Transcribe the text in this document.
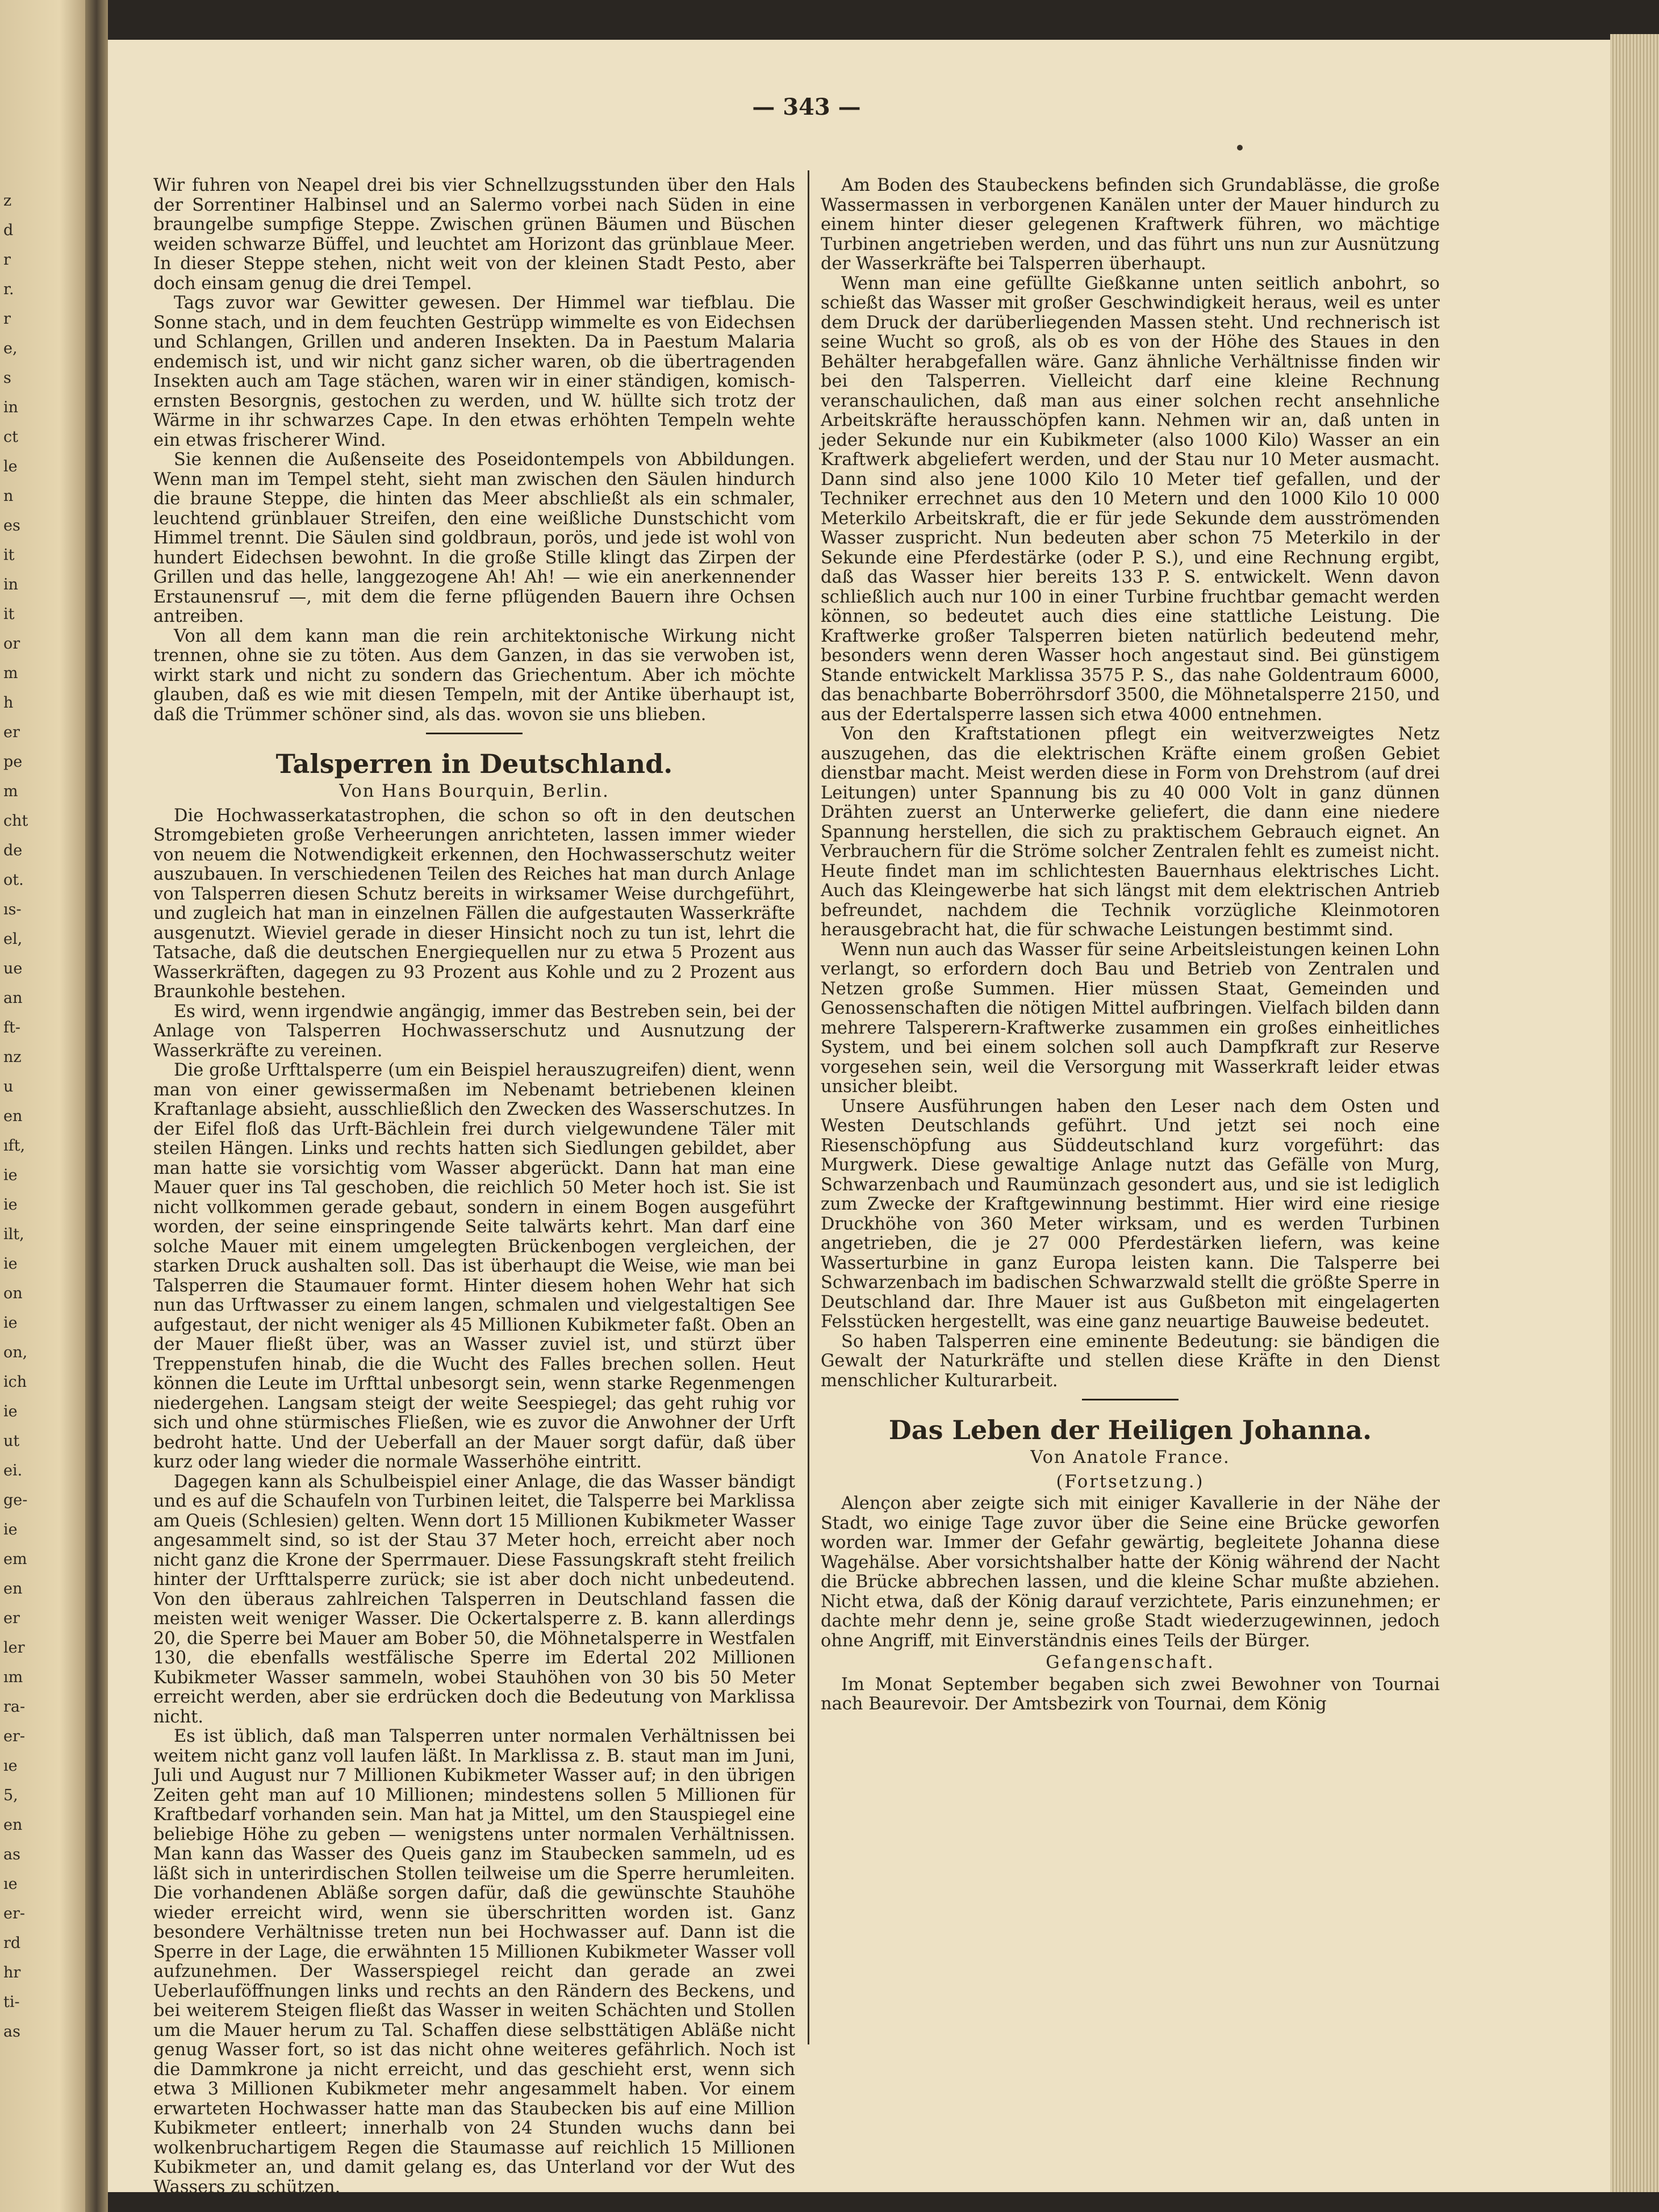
z
d
r
r.
r
e,
s
in
ct
le
n
es
it
in
it
or
m
h
er
pe
m
cht
de
ot.
ıs-
el,
ue
an
ft-
nz
u
en
ıft,
ie
ie
ilt,
ie
on
ie
on,
ich
ie
ut
ei.
ge-
ie
em
en
er
ler
ım
ra-
er-
ıe
5,
en
as
ıe
er-
rd
hr
ti-
as
— 343 —

Wir fuhren von Neapel drei bis vier Schnellzugsstunden über den Hals der Sorrentiner Halbinsel und an Salermo vorbei nach Süden in eine braungelbe sumpfige Steppe. Zwischen grünen Bäumen und Büschen weiden schwarze Büffel, und leuchtet am Horizont das grünblaue Meer. In dieser Steppe stehen, nicht weit von der kleinen Stadt Pesto, aber doch einsam genug die drei Tempel.

Tags zuvor war Gewitter gewesen. Der Himmel war tiefblau. Die Sonne stach, und in dem feuchten Gestrüpp wimmelte es von Eidechsen und Schlangen, Grillen und anderen Insekten. Da in Paestum Malaria endemisch ist, und wir nicht ganz sicher waren, ob die übertragenden Insekten auch am Tage stächen, waren wir in einer ständigen, komisch-ernsten Besorgnis, gestochen zu werden, und W. hüllte sich trotz der Wärme in ihr schwarzes Cape. In den etwas erhöhten Tempeln wehte ein etwas frischerer Wind.

Sie kennen die Außenseite des Poseidontempels von Abbildungen. Wenn man im Tempel steht, sieht man zwischen den Säulen hindurch die braune Steppe, die hinten das Meer abschließt als ein schmaler, leuchtend grünblauer Streifen, den eine weißliche Dunstschicht vom Himmel trennt. Die Säulen sind goldbraun, porös, und jede ist wohl von hundert Eidechsen bewohnt. In die große Stille klingt das Zirpen der Grillen und das helle, langgezogene Ah! Ah! — wie ein anerkennender Erstaunensruf —, mit dem die ferne pflügenden Bauern ihre Ochsen antreiben.

Von all dem kann man die rein architektonische Wirkung nicht trennen, ohne sie zu töten. Aus dem Ganzen, in das sie verwoben ist, wirkt stark und nicht zu sondern das Griechentum. Aber ich möchte glauben, daß es wie mit diesen Tempeln, mit der Antike überhaupt ist, daß die Trümmer schöner sind, als das. wovon sie uns blieben.

Talsperren in Deutschland.
Von Hans Bourquin, Berlin.

Die Hochwasserkatastrophen, die schon so oft in den deutschen Stromgebieten große Verheerungen anrichteten, lassen immer wieder von neuem die Notwendigkeit erkennen, den Hochwasserschutz weiter auszubauen. In verschiedenen Teilen des Reiches hat man durch Anlage von Talsperren diesen Schutz bereits in wirksamer Weise durchgeführt, und zugleich hat man in einzelnen Fällen die aufgestauten Wasserkräfte ausgenutzt. Wieviel gerade in dieser Hinsicht noch zu tun ist, lehrt die Tatsache, daß die deutschen Energiequellen nur zu etwa 5 Prozent aus Wasserkräften, dagegen zu 93 Prozent aus Kohle und zu 2 Prozent aus Braunkohle bestehen.

Es wird, wenn irgendwie angängig, immer das Bestreben sein, bei der Anlage von Talsperren Hochwasserschutz und Ausnutzung der Wasserkräfte zu vereinen.

Die große Urfttalsperre (um ein Beispiel herauszugreifen) dient, wenn man von einer gewissermaßen im Nebenamt betriebenen kleinen Kraftanlage absieht, ausschließlich den Zwecken des Wasserschutzes. In der Eifel floß das Urft-Bächlein frei durch vielgewundene Täler mit steilen Hängen. Links und rechts hatten sich Siedlungen gebildet, aber man hatte sie vorsichtig vom Wasser abgerückt. Dann hat man eine Mauer quer ins Tal geschoben, die reichlich 50 Meter hoch ist. Sie ist nicht vollkommen gerade gebaut, sondern in einem Bogen ausgeführt worden, der seine einspringende Seite talwärts kehrt. Man darf eine solche Mauer mit einem umgelegten Brückenbogen vergleichen, der starken Druck aushalten soll. Das ist überhaupt die Weise, wie man bei Talsperren die Staumauer formt. Hinter diesem hohen Wehr hat sich nun das Urftwasser zu einem langen, schmalen und vielgestaltigen See aufgestaut, der nicht weniger als 45 Millionen Kubikmeter faßt. Oben an der Mauer fließt über, was an Wasser zuviel ist, und stürzt über Treppenstufen hinab, die die Wucht des Falles brechen sollen. Heut können die Leute im Urfttal unbesorgt sein, wenn starke Regenmengen niedergehen. Langsam steigt der weite Seespiegel; das geht ruhig vor sich und ohne stürmisches Fließen, wie es zuvor die Anwohner der Urft bedroht hatte. Und der Ueberfall an der Mauer sorgt dafür, daß über kurz oder lang wieder die normale Wasserhöhe eintritt.

Dagegen kann als Schulbeispiel einer Anlage, die das Wasser bändigt und es auf die Schaufeln von Turbinen leitet, die Talsperre bei Marklissa am Queis (Schlesien) gelten. Wenn dort 15 Millionen Kubikmeter Wasser angesammelt sind, so ist der Stau 37 Meter hoch, erreicht aber noch nicht ganz die Krone der Sperrmauer. Diese Fassungskraft steht freilich hinter der Urfttalsperre zurück; sie ist aber doch nicht unbedeutend. Von den überaus zahlreichen Talsperren in Deutschland fassen die meisten weit weniger Wasser. Die Ockertalsperre z. B. kann allerdings 20, die Sperre bei Mauer am Bober 50, die Möhnetalsperre in Westfalen 130, die ebenfalls westfälische Sperre im Edertal 202 Millionen Kubikmeter Wasser sammeln, wobei Stauhöhen von 30 bis 50 Meter erreicht werden, aber sie erdrücken doch die Bedeutung von Marklissa nicht.

Es ist üblich, daß man Talsperren unter normalen Verhältnissen bei weitem nicht ganz voll laufen läßt. In Marklissa z. B. staut man im Juni, Juli und August nur 7 Millionen Kubikmeter Wasser auf; in den übrigen Zeiten geht man auf 10 Millionen; mindestens sollen 5 Millionen für Kraftbedarf vorhanden sein. Man hat ja Mittel, um den Stauspiegel eine beliebige Höhe zu geben — wenigstens unter normalen Verhältnissen. Man kann das Wasser des Queis ganz im Staubecken sammeln, ud es läßt sich in unterirdischen Stollen teilweise um die Sperre herumleiten. Die vorhandenen Abläße sorgen dafür, daß die gewünschte Stauhöhe wieder erreicht wird, wenn sie überschritten worden ist. Ganz besondere Verhältnisse treten nun bei Hochwasser auf. Dann ist die Sperre in der Lage, die erwähnten 15 Millionen Kubikmeter Wasser voll aufzunehmen. Der Wasserspiegel reicht dan gerade an zwei Ueberlauföffnungen links und rechts an den Rändern des Beckens, und bei weiterem Steigen fließt das Wasser in weiten Schächten und Stollen um die Mauer herum zu Tal. Schaffen diese selbsttätigen Abläße nicht genug Wasser fort, so ist das nicht ohne weiteres gefährlich. Noch ist die Dammkrone ja nicht erreicht, und das geschieht erst, wenn sich etwa 3 Millionen Kubikmeter mehr angesammelt haben. Vor einem erwarteten Hochwasser hatte man das Staubecken bis auf eine Million Kubikmeter entleert; innerhalb von 24 Stunden wuchs dann bei wolkenbruchartigem Regen die Staumasse auf reichlich 15 Millionen Kubikmeter an, und damit gelang es, das Unterland vor der Wut des Wassers zu schützen.

Am Boden des Staubeckens befinden sich Grundablässe, die große Wassermassen in verborgenen Kanälen unter der Mauer hindurch zu einem hinter dieser gelegenen Kraftwerk führen, wo mächtige Turbinen angetrieben werden, und das führt uns nun zur Ausnützung der Wasserkräfte bei Talsperren überhaupt.

Wenn man eine gefüllte Gießkanne unten seitlich anbohrt, so schießt das Wasser mit großer Geschwindigkeit heraus, weil es unter dem Druck der darüberliegenden Massen steht. Und rechnerisch ist seine Wucht so groß, als ob es von der Höhe des Staues in den Behälter herabgefallen wäre. Ganz ähnliche Verhältnisse finden wir bei den Talsperren. Vielleicht darf eine kleine Rechnung veranschaulichen, daß man aus einer solchen recht ansehnliche Arbeitskräfte herausschöpfen kann. Nehmen wir an, daß unten in jeder Sekunde nur ein Kubikmeter (also 1000 Kilo) Wasser an ein Kraftwerk abgeliefert werden, und der Stau nur 10 Meter ausmacht. Dann sind also jene 1000 Kilo 10 Meter tief gefallen, und der Techniker errechnet aus den 10 Metern und den 1000 Kilo 10 000 Meterkilo Arbeitskraft, die er für jede Sekunde dem ausströmenden Wasser zuspricht. Nun bedeuten aber schon 75 Meterkilo in der Sekunde eine Pferdestärke (oder P. S.), und eine Rechnung ergibt, daß das Wasser hier bereits 133 P. S. entwickelt. Wenn davon schließlich auch nur 100 in einer Turbine fruchtbar gemacht werden können, so bedeutet auch dies eine stattliche Leistung. Die Kraftwerke großer Talsperren bieten natürlich bedeutend mehr, besonders wenn deren Wasser hoch angestaut sind. Bei günstigem Stande entwickelt Marklissa 3575 P. S., das nahe Goldentraum 6000, das benachbarte Boberröhrsdorf 3500, die Möhnetalsperre 2150, und aus der Edertalsperre lassen sich etwa 4000 entnehmen.

Von den Kraftstationen pflegt ein weitverzweigtes Netz auszugehen, das die elektrischen Kräfte einem großen Gebiet dienstbar macht. Meist werden diese in Form von Drehstrom (auf drei Leitungen) unter Spannung bis zu 40 000 Volt in ganz dünnen Drähten zuerst an Unterwerke geliefert, die dann eine niedere Spannung herstellen, die sich zu praktischem Gebrauch eignet. An Verbrauchern für die Ströme solcher Zentralen fehlt es zumeist nicht. Heute findet man im schlichtesten Bauernhaus elektrisches Licht. Auch das Kleingewerbe hat sich längst mit dem elektrischen Antrieb befreundet, nachdem die Technik vorzügliche Kleinmotoren herausgebracht hat, die für schwache Leistungen bestimmt sind.

Wenn nun auch das Wasser für seine Arbeitsleistungen keinen Lohn verlangt, so erfordern doch Bau und Betrieb von Zentralen und Netzen große Summen. Hier müssen Staat, Gemeinden und Genossenschaften die nötigen Mittel aufbringen. Vielfach bilden dann mehrere Talsperern-Kraftwerke zusammen ein großes einheitliches System, und bei einem solchen soll auch Dampfkraft zur Reserve vorgesehen sein, weil die Versorgung mit Wasserkraft leider etwas unsicher bleibt.

Unsere Ausführungen haben den Leser nach dem Osten und Westen Deutschlands geführt. Und jetzt sei noch eine Riesenschöpfung aus Süddeutschland kurz vorgeführt: das Murgwerk. Diese gewaltige Anlage nutzt das Gefälle von Murg, Schwarzenbach und Raumünzach gesondert aus, und sie ist lediglich zum Zwecke der Kraftgewinnung bestimmt. Hier wird eine riesige Druckhöhe von 360 Meter wirksam, und es werden Turbinen angetrieben, die je 27 000 Pferdestärken liefern, was keine Wasserturbine in ganz Europa leisten kann. Die Talsperre bei Schwarzenbach im badischen Schwarzwald stellt die größte Sperre in Deutschland dar. Ihre Mauer ist aus Gußbeton mit eingelagerten Felsstücken hergestellt, was eine ganz neuartige Bauweise bedeutet.

So haben Talsperren eine eminente Bedeutung: sie bändigen die Gewalt der Naturkräfte und stellen diese Kräfte in den Dienst menschlicher Kulturarbeit.

Das Leben der Heiligen Johanna.
Von Anatole France.
(Fortsetzung.)

Alençon aber zeigte sich mit einiger Kavallerie in der Nähe der Stadt, wo einige Tage zuvor über die Seine eine Brücke geworfen worden war. Immer der Gefahr gewärtig, begleitete Johanna diese Wagehälse. Aber vorsichtshalber hatte der König während der Nacht die Brücke abbrechen lassen, und die kleine Schar mußte abziehen. Nicht etwa, daß der König darauf verzichtete, Paris einzunehmen; er dachte mehr denn je, seine große Stadt wiederzugewinnen, jedoch ohne Angriff, mit Einverständnis eines Teils der Bürger.

Gefangenschaft.

Im Monat September begaben sich zwei Bewohner von Tournai nach Beaurevoir. Der Amtsbezirk von Tournai, dem König
